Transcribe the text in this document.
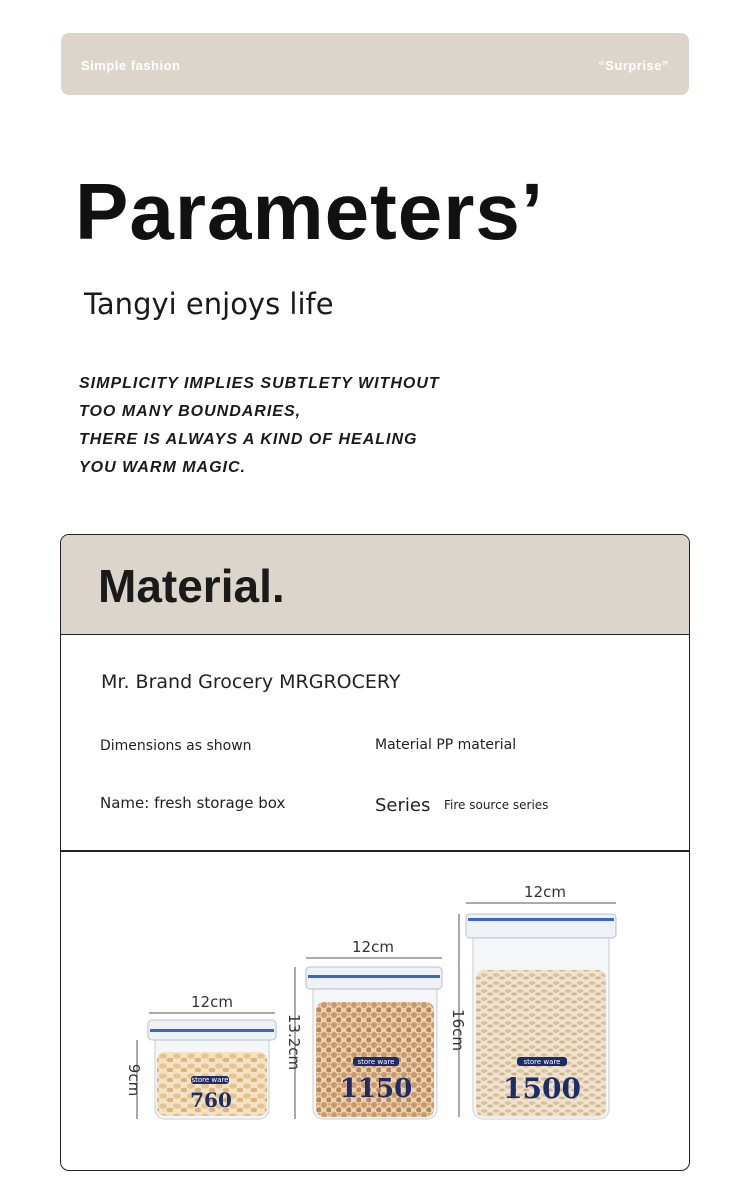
Simple fashion	“Surprise”
Parameters’
Tangyi enjoys life
SIMPLICITY IMPLIES SUBTLETY WITHOUT
TOO MANY BOUNDARIES,
THERE IS ALWAYS A KIND OF HEALING
YOU WARM MAGIC.
Material.
Mr. Brand Grocery MRGROCERY
Dimensions as shown	Material PP material
Name: fresh storage box	Series Fire source series
store ware
760
12cm
9cm
store ware
1150
12cm
13.2cm	store ware
1500
12cm
16cm
